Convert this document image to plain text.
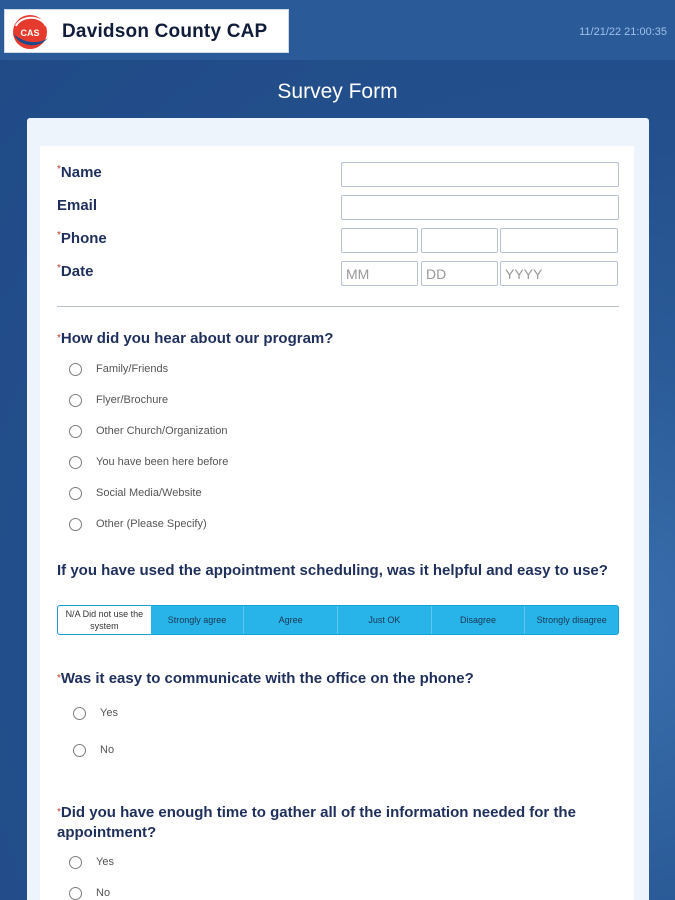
CAS Davidson County CAP	11/21/22 21:00:35
Survey Form
*Name
Email
*Phone
*Date
MM
DD
YYYY
*How did you hear about our program?
Family/Friends
Flyer/Brochure
Other Church/Organization
You have been here before
Social Media/Website
Other (Please Specify)
If you have used the appointment scheduling, was it helpful and easy to use?
N/A Did not use the system
Strongly agree	Agree	Just OK	Disagree	Strongly disagree
*Was it easy to communicate with the office on the phone?
Yes
No
*Did you have enough time to gather all of the information needed for the appointment?
Yes
No
